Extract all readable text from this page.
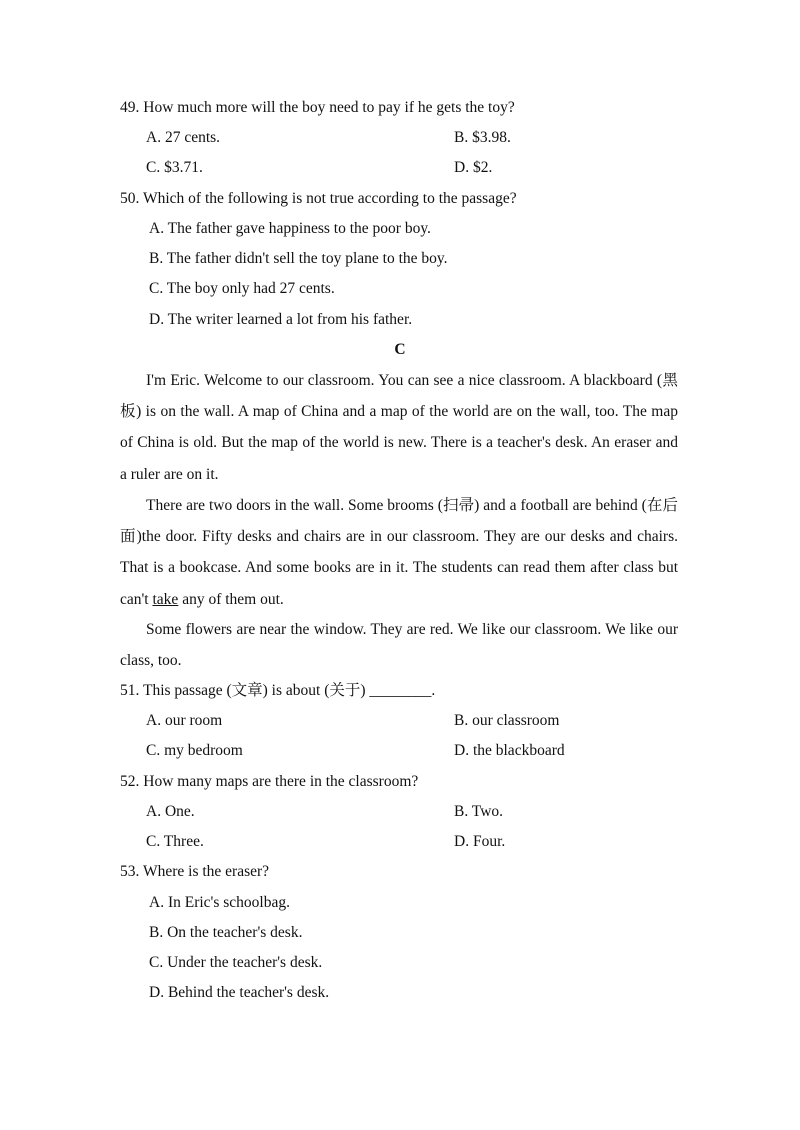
49. How much more will the boy need to pay if he gets the toy?
A. 27 cents.	B. $3.98.
C. $3.71.	D. $2.
50. Which of the following is not true according to the passage?
A. The father gave happiness to the poor boy.
B. The father didn't sell the toy plane to the boy.
C. The boy only had 27 cents.
D. The writer learned a lot from his father.
C
I'm Eric. Welcome to our classroom. You can see a nice classroom. A blackboard (黑板) is on the wall. A map of China and a map of the world are on the wall, too. The map of China is old. But the map of the world is new. There is a teacher's desk. An eraser and a ruler are on it.
There are two doors in the wall. Some brooms (扫帚) and a football are behind (在后面)the door. Fifty desks and chairs are in our classroom. They are our desks and chairs. That is a bookcase. And some books are in it. The students can read them after class but can't take any of them out.
Some flowers are near the window. They are red. We like our classroom. We like our class, too.
51. This passage (文章) is about (关于) ________.
A. our room	B. our classroom
C. my bedroom	D. the blackboard
52. How many maps are there in the classroom?
A. One.	B. Two.
C. Three.	D. Four.
53. Where is the eraser?
A. In Eric's schoolbag.
B. On the teacher's desk.
C. Under the teacher's desk.
D. Behind the teacher's desk.
